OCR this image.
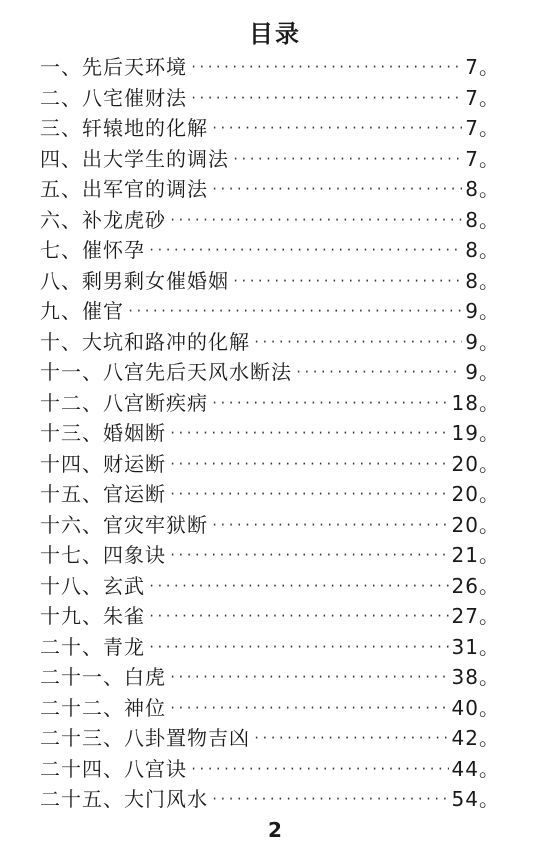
目录
一、 先后天环境 ·····	7。
二、 八宅催财法 ·····	7。
三、 轩辕地的化解 ·····	7。
四、 出大学生的调法 ·····	7。
五、 出军官的调法 ·····	8。
六、 补龙虎砂 ·····	8。
七、 催怀孕 ·····	8。
八、 剩男剩女催婚姻 ·····	8。
九、 催官 ·····	9。
十、 大坑和路冲的化解 ·····	9。
十一、 八宫先后天风水断法 ·····	9。
十二、 八宫断疾病 ·····	18。
十三、 婚姻断 ·····	19。
十四、 财运断 ·····	20。
十五、 官运断 ·····	20。
十六、 官灾牢狱断 ·····	20。
十七、 四象诀 ·····	21。
十八、 玄武 ·····	26。
十九、 朱雀 ·····	27。
二十、 青龙 ·····	31。
二十一、 白虎 ·····	38。
二十二、 神位 ·····	40。
二十三、 八卦置物吉凶 ·····	42。
二十四、 八宫诀 ·····	44。
二十五、 大门风水 ·····	54。
2
